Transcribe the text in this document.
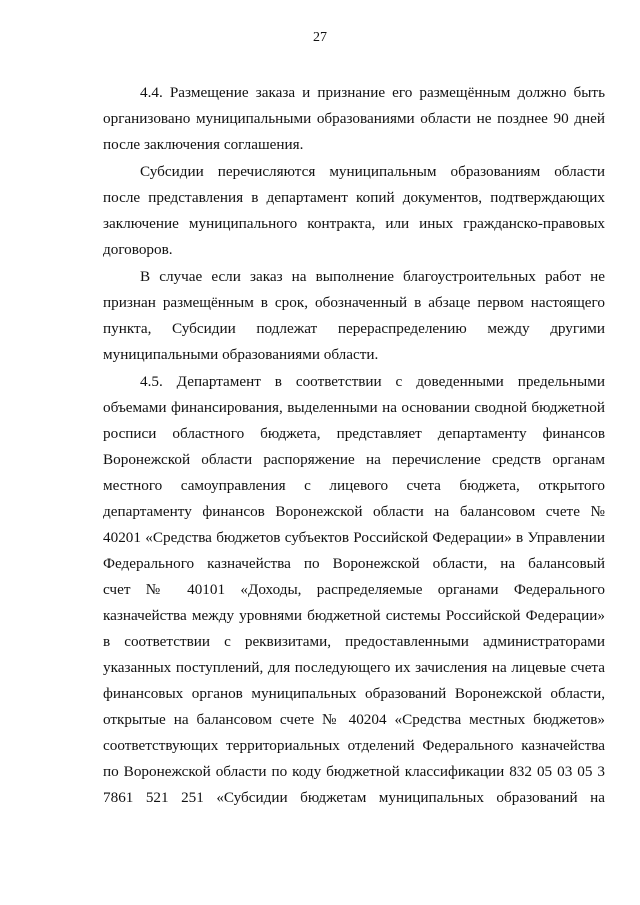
27
4.4. Размещение заказа и признание его размещённым должно быть
организовано муниципальными образованиями области не позднее 90 дней
после заключения соглашения.
Субсидии перечисляются муниципальным образованиям области
после представления в департамент копий документов, подтверждающих
заключение муниципального контракта, или иных гражданско-правовых
договоров.
В случае если заказ на выполнение благоустроительных работ не
признан размещённым в срок, обозначенный в абзаце первом настоящего
пункта, Субсидии подлежат перераспределению между другими
муниципальными образованиями области.
4.5. Департамент в соответствии с доведенными предельными
объемами финансирования, выделенными на основании сводной бюджетной
росписи областного бюджета, представляет департаменту финансов
Воронежской области распоряжение на перечисление средств органам
местного самоуправления с лицевого счета бюджета, открытого
департаменту финансов Воронежской области на балансовом счете №
40201 «Средства бюджетов субъектов Российской Федерации» в Управлении
Федерального казначейства по Воронежской области, на балансовый
счет № 40101 «Доходы, распределяемые органами Федерального
казначейства между уровнями бюджетной системы Российской Федерации»
в соответствии с реквизитами, предоставленными администраторами
указанных поступлений, для последующего их зачисления на лицевые счета
финансовых органов муниципальных образований Воронежской области,
открытые на балансовом счете № 40204 «Средства местных бюджетов»
соответствующих территориальных отделений Федерального казначейства
по Воронежской области по коду бюджетной классификации 832 05 03 05 3
7861 521 251 «Субсидии бюджетам муниципальных образований на
